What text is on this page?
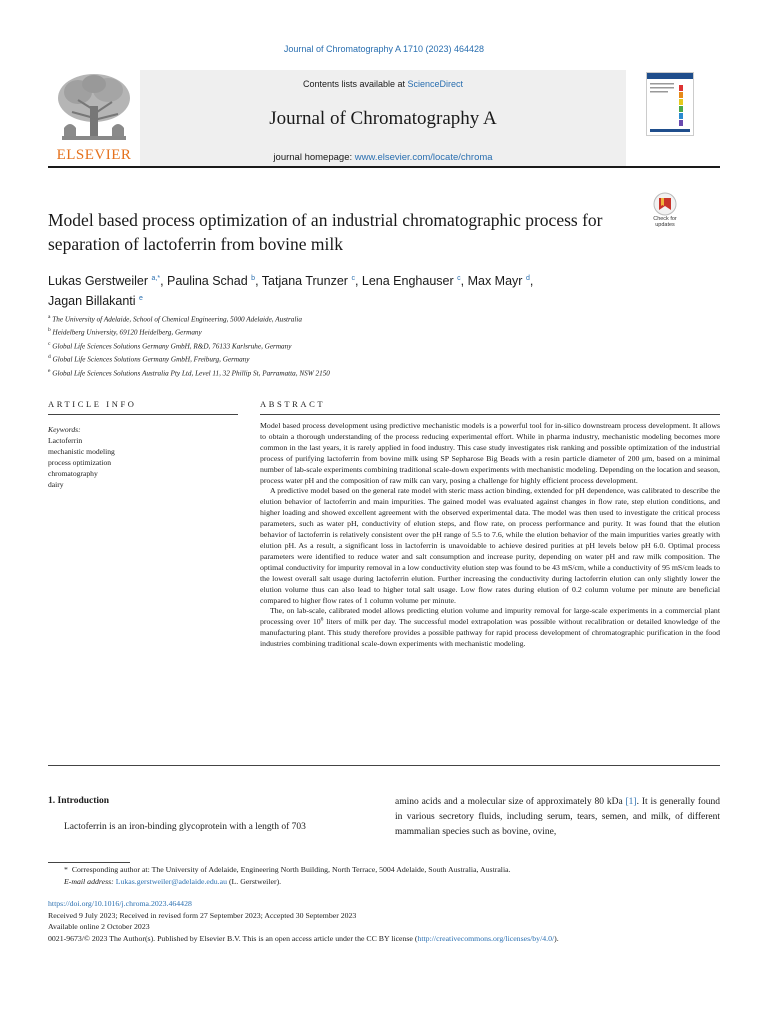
Journal of Chromatography A 1710 (2023) 464428
ELSEVIER
Contents lists available at ScienceDirect
Journal of Chromatography A
journal homepage: www.elsevier.com/locate/chroma
Model based process optimization of an industrial chromatographic process for separation of lactoferrin from bovine milk
Check for
updates
Lukas Gerstweiler $^{a,*}$, Paulina Schad $^b$, Tatjana Trunzer $^c$, Lena Enghauser $^c$, Max Mayr $^d$,
Jagan Billakanti $^e$
$^a$ The University of Adelaide, School of Chemical Engineering, 5000 Adelaide, Australia
$^b$ Heidelberg University, 69120 Heidelberg, Germany
$^c$ Global Life Sciences Solutions Germany GmbH, R&D, 76133 Karlsruhe, Germany
$^d$ Global Life Sciences Solutions Germany GmbH, Freiburg, Germany
$^e$ Global Life Sciences Solutions Australia Pty Ltd, Level 11, 32 Phillip St, Parramatta, NSW 2150
ARTICLE INFO
Keywords:
Lactoferrin
mechanistic modeling
process optimization
chromatography
dairy
ABSTRACT

Model based process development using predictive mechanistic models is a powerful tool for in-silico downstream process development. It allows to obtain a thorough understanding of the process reducing experimental effort. While in pharma industry, mechanistic modeling becomes more common in the last years, it is rarely applied in food industry. This case study investigates risk ranking and possible optimization of the industrial process of purifying lactoferrin from bovine milk using SP Sepharose Big Beads with a resin particle diameter of 200 μm, based on a minimal number of lab-scale experiments combining traditional scale-down experiments with mechanistic modeling. Depending on the location and season, process water pH and the composition of raw milk can vary, posing a challenge for highly efficient process development.

A predictive model based on the general rate model with steric mass action binding, extended for pH dependence, was calibrated to describe the elution behavior of lactoferrin and main impurities. The gained model was evaluated against changes in flow rate, step elution conditions, and higher loading and showed excellent agreement with the observed experimental data. The model was then used to investigate the critical process parameters, such as water pH, conductivity of elution steps, and flow rate, on process performance and purity. It was found that the elution behavior of lactoferrin is relatively consistent over the pH range of 5.5 to 7.6, while the elution behavior of the main impurities varies greatly with elution pH. As a result, a significant loss in lactoferrin is unavoidable to achieve desired purities at pH levels below pH 6.0. Optimal process parameters were identified to reduce water and salt consumption and increase purity, depending on water pH and raw milk composition. The optimal conductivity for impurity removal in a low conductivity elution step was found to be 43 mS/cm, while a conductivity of 95 mS/cm leads to the lowest overall salt usage during lactoferrin elution. Further increasing the conductivity during lactoferrin elution can only slightly lower the elution volume thus can also lead to higher total salt usage. Low flow rates during elution of 0.2 column volume per minute are beneficial compared to higher flow rates of 1 column volume per minute.

The, on lab-scale, calibrated model allows predicting elution volume and impurity removal for large-scale experiments in a commercial plant processing over $10^6$ liters of milk per day. The successful model extrapolation was possible without recalibration or detailed knowledge of the manufacturing plant. This study therefore provides a possible pathway for rapid process development of chromatographic purification in the food industries combining traditional scale-down experiments with mechanistic modeling.

1. Introduction
Lactoferrin is an iron-binding glycoprotein with a length of 703
amino acids and a molecular size of approximately 80 kDa [1]. It is generally found in various secretory fluids, including serum, tears, semen, and milk, of different mammalian species such as bovine, ovine,
* Corresponding author at: The University of Adelaide, Engineering North Building, North Terrace, 5004 Adelaide, South Australia, Australia.
E-mail address: Lukas.gerstweiler@adelaide.edu.au (L. Gerstweiler).
https://doi.org/10.1016/j.chroma.2023.464428
Received 9 July 2023; Received in revised form 27 September 2023; Accepted 30 September 2023
Available online 2 October 2023
0021-9673/© 2023 The Author(s). Published by Elsevier B.V. This is an open access article under the CC BY license (http://creativecommons.org/licenses/by/4.0/).
